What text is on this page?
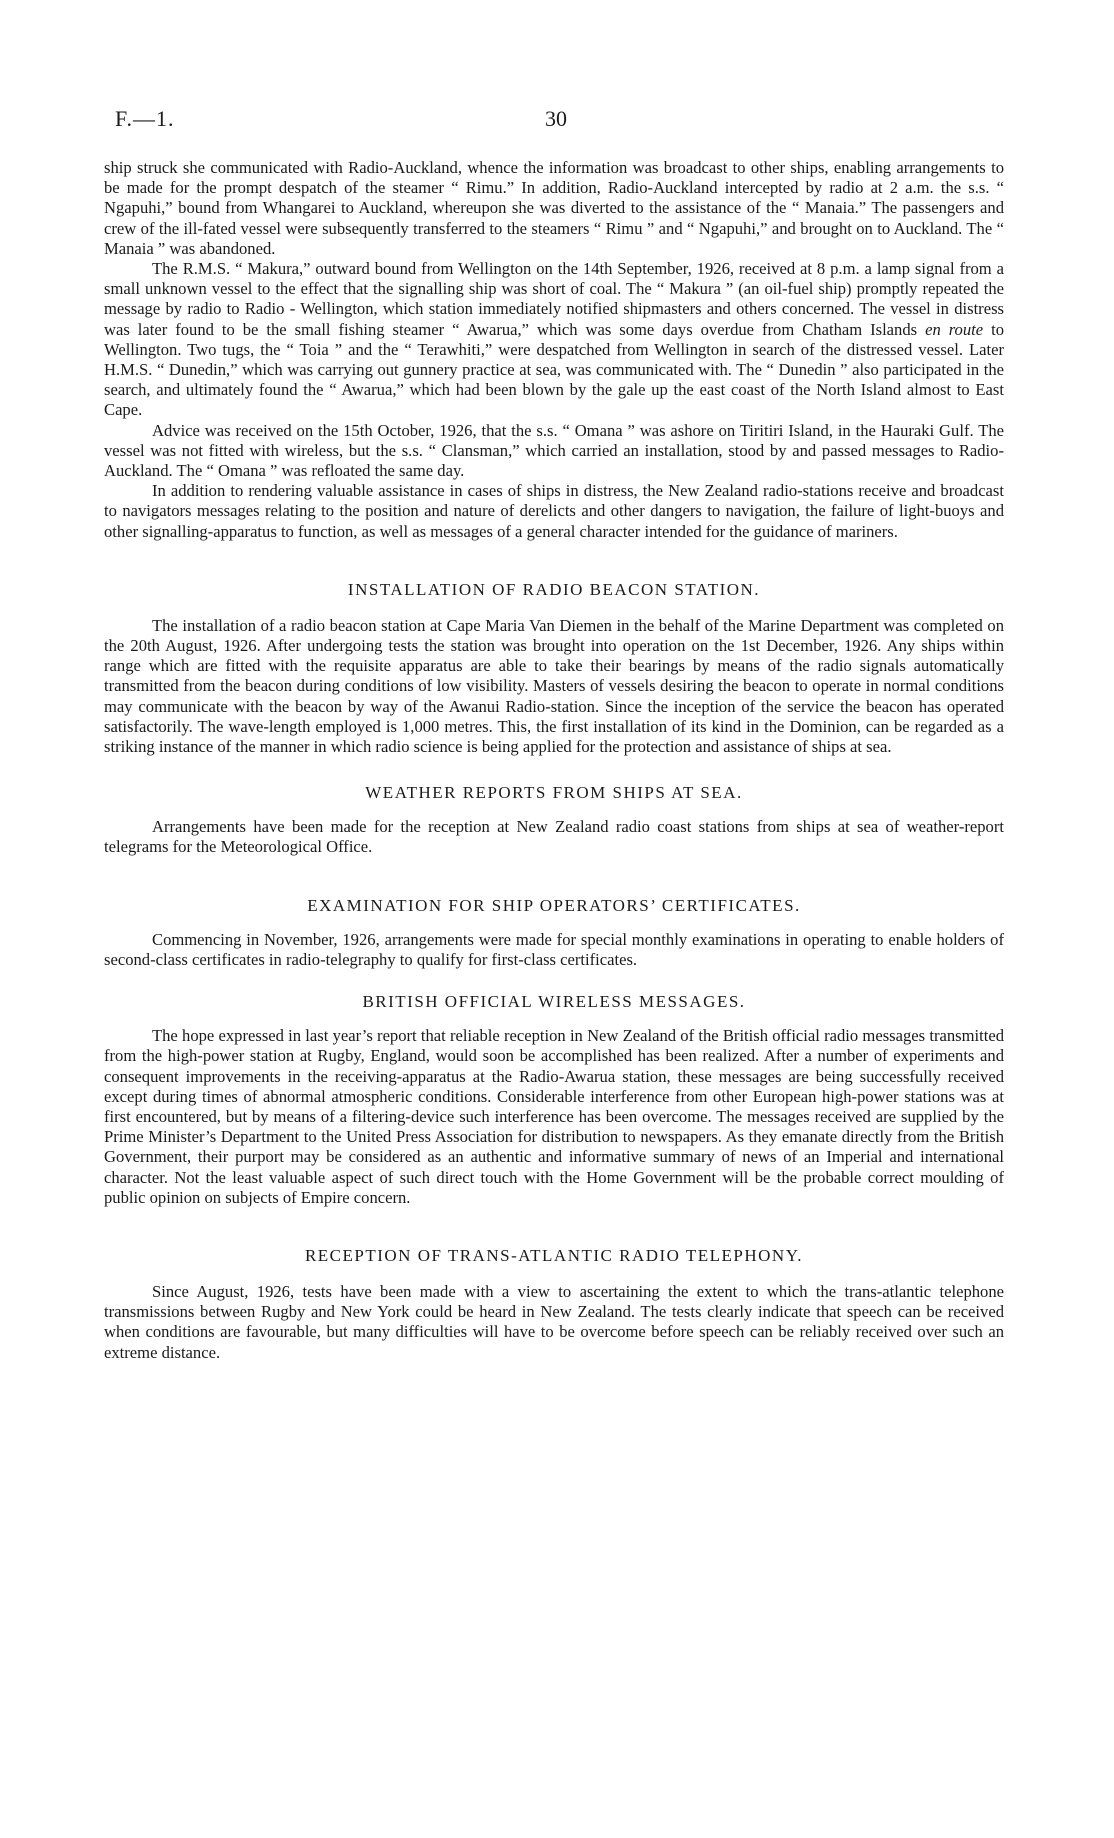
F.—1.	30

ship struck she communicated with Radio-Auckland, whence the information was broadcast to other ships, enabling arrangements to be made for the prompt despatch of the steamer “ Rimu.” In addition, Radio-Auckland intercepted by radio at 2 a.m. the s.s. “ Ngapuhi,” bound from Whangarei to Auckland, whereupon she was diverted to the assistance of the “ Manaia.” The passengers and crew of the ill-fated vessel were subsequently transferred to the steamers “ Rimu ” and “ Ngapuhi,” and brought on to Auckland. The “ Manaia ” was abandoned.

The R.M.S. “ Makura,” outward bound from Wellington on the 14th September, 1926, received at 8 p.m. a lamp signal from a small unknown vessel to the effect that the signalling ship was short of coal. The “ Makura ” (an oil-fuel ship) promptly repeated the message by radio to Radio - Wellington, which station immediately notified shipmasters and others concerned. The vessel in distress was later found to be the small fishing steamer “ Awarua,” which was some days overdue from Chatham Islands en route to Wellington. Two tugs, the “ Toia ” and the “ Terawhiti,” were despatched from Wellington in search of the distressed vessel. Later H.M.S. “ Dunedin,” which was carrying out gunnery practice at sea, was communicated with. The “ Dunedin ” also participated in the search, and ultimately found the “ Awarua,” which had been blown by the gale up the east coast of the North Island almost to East Cape.

Advice was received on the 15th October, 1926, that the s.s. “ Omana ” was ashore on Tiritiri Island, in the Hauraki Gulf. The vessel was not fitted with wireless, but the s.s. “ Clansman,” which carried an installation, stood by and passed messages to Radio-Auckland. The “ Omana ” was refloated the same day.

In addition to rendering valuable assistance in cases of ships in distress, the New Zealand radio-stations receive and broadcast to navigators messages relating to the position and nature of derelicts and other dangers to navigation, the failure of light-buoys and other signalling-apparatus to function, as well as messages of a general character intended for the guidance of mariners.

INSTALLATION OF RADIO BEACON STATION.

The installation of a radio beacon station at Cape Maria Van Diemen in the behalf of the Marine Department was completed on the 20th August, 1926. After undergoing tests the station was brought into operation on the 1st December, 1926. Any ships within range which are fitted with the requisite apparatus are able to take their bearings by means of the radio signals automatically transmitted from the beacon during conditions of low visibility. Masters of vessels desiring the beacon to operate in normal conditions may communicate with the beacon by way of the Awanui Radio-station. Since the inception of the service the beacon has operated satisfactorily. The wave-length employed is 1,000 metres. This, the first installation of its kind in the Dominion, can be regarded as a striking instance of the manner in which radio science is being applied for the protection and assistance of ships at sea.

WEATHER REPORTS FROM SHIPS AT SEA.

Arrangements have been made for the reception at New Zealand radio coast stations from ships at sea of weather-report telegrams for the Meteorological Office.

EXAMINATION FOR SHIP OPERATORS’ CERTIFICATES.

Commencing in November, 1926, arrangements were made for special monthly examinations in operating to enable holders of second-class certificates in radio-telegraphy to qualify for first-class certificates.

BRITISH OFFICIAL WIRELESS MESSAGES.

The hope expressed in last year’s report that reliable reception in New Zealand of the British official radio messages transmitted from the high-power station at Rugby, England, would soon be accomplished has been realized. After a number of experiments and consequent improvements in the receiving-apparatus at the Radio-Awarua station, these messages are being successfully received except during times of abnormal atmospheric conditions. Considerable interference from other European high-power stations was at first encountered, but by means of a filtering-device such interference has been overcome. The messages received are supplied by the Prime Minister’s Department to the United Press Association for distribution to newspapers. As they emanate directly from the British Government, their purport may be considered as an authentic and informative summary of news of an Imperial and international character. Not the least valuable aspect of such direct touch with the Home Government will be the probable correct moulding of public opinion on subjects of Empire concern.

RECEPTION OF TRANS-ATLANTIC RADIO TELEPHONY.

Since August, 1926, tests have been made with a view to ascertaining the extent to which the trans-atlantic telephone transmissions between Rugby and New York could be heard in New Zealand. The tests clearly indicate that speech can be received when conditions are favourable, but many difficulties will have to be overcome before speech can be reliably received over such an extreme distance.
